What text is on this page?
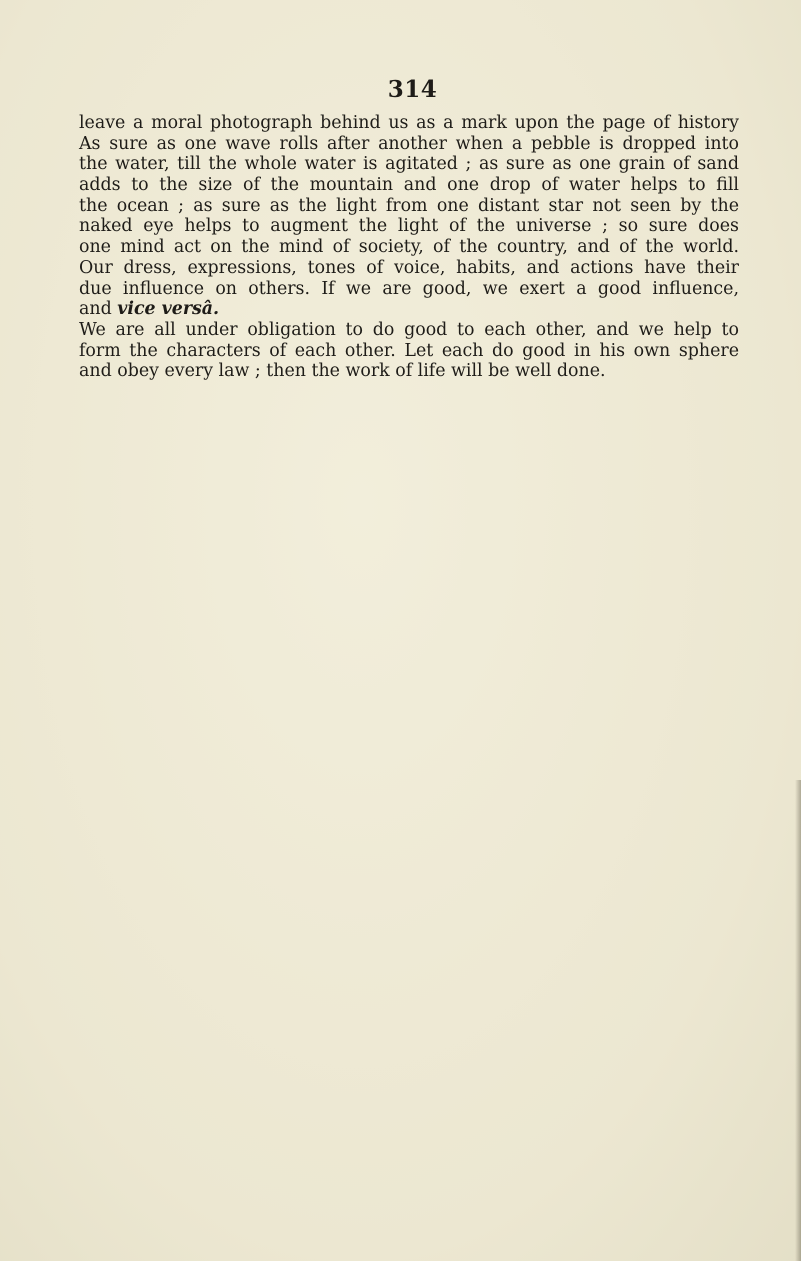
314
leave a moral photograph behind us as a mark upon the page of history
As sure as one wave rolls after another when a pebble is dropped into
the water, till the whole water is agitated ; as sure as one grain of sand
adds to the size of the mountain and one drop of water helps to fill
the ocean ; as sure as the light from one distant star not seen by the
naked eye helps to augment the light of the universe ; so sure does
one mind act on the mind of society, of the country, and of the world.
Our dress, expressions, tones of voice, habits, and actions have their
due influence on others. If we are good, we exert a good influence,
and vice versâ.
We are all under obligation to do good to each other, and we help to
form the characters of each other. Let each do good in his own sphere
and obey every law ; then the work of life will be well done.
